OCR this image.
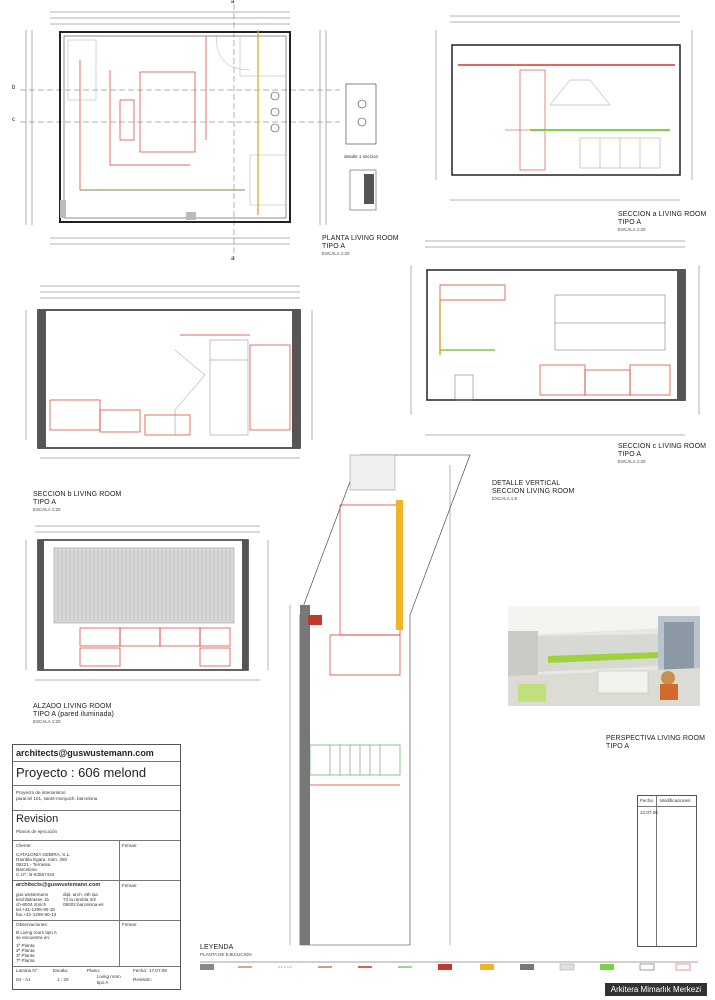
a
a
b
c
PLANTA LIVING ROOM
TIPO A
ESCALA 1:20
detalle 1 seccion
SECCION a LIVING ROOM
TIPO A
ESCALA 1:20
SECCION b LIVING ROOM
TIPO A
ESCALA 1:20
SECCION c LIVING ROOM
TIPO A
ESCALA 1:20
ALZADO LIVING ROOM
TIPO A (pared iluminada)
ESCALA 1:20
DETALLE VERTICAL
SECCION LIVING ROOM
ESCALA 1:5
PERSPECTIVA LIVING ROOM
TIPO A
Fecha Modificaciones
12.07.06
LEYENDA
PLANTA DE EJECUCION
architects@guswustemann.com
Proyecto : 606 melond
Proyecto de interiorismo
paral.lel 101, sants-monjuich. barcelona
Revision
Planos de ejecución
Cliente:
CATALONIA GEBIRA, S.L.
Rambla Egara, núm. 350
08221 - Terrassa
Barcelona
C.I.F.: B-63567434
Firmas:
architects@guswustemann.com
gus wüstemann
köchlistrasse 15
ch-8004 zürich
tel.+41-1296-90-10
fax.+41-1296-90-13
dipl. arch. eth sia
73 la rambla 3/2
08002 barcelona-es
Firmas:
Observaciones:
B Living room tipo A
se encuentra en:
1ª Planta
2ª Planta
3ª Planta
7ª Planta
Firmas:
Lamina N°:
04 - A1
Escala:
1 : 20
Plano:
Living room tipo A
Fecha: 17.07.06
Revisión:
Arkitera Mimarlık Merkezi
